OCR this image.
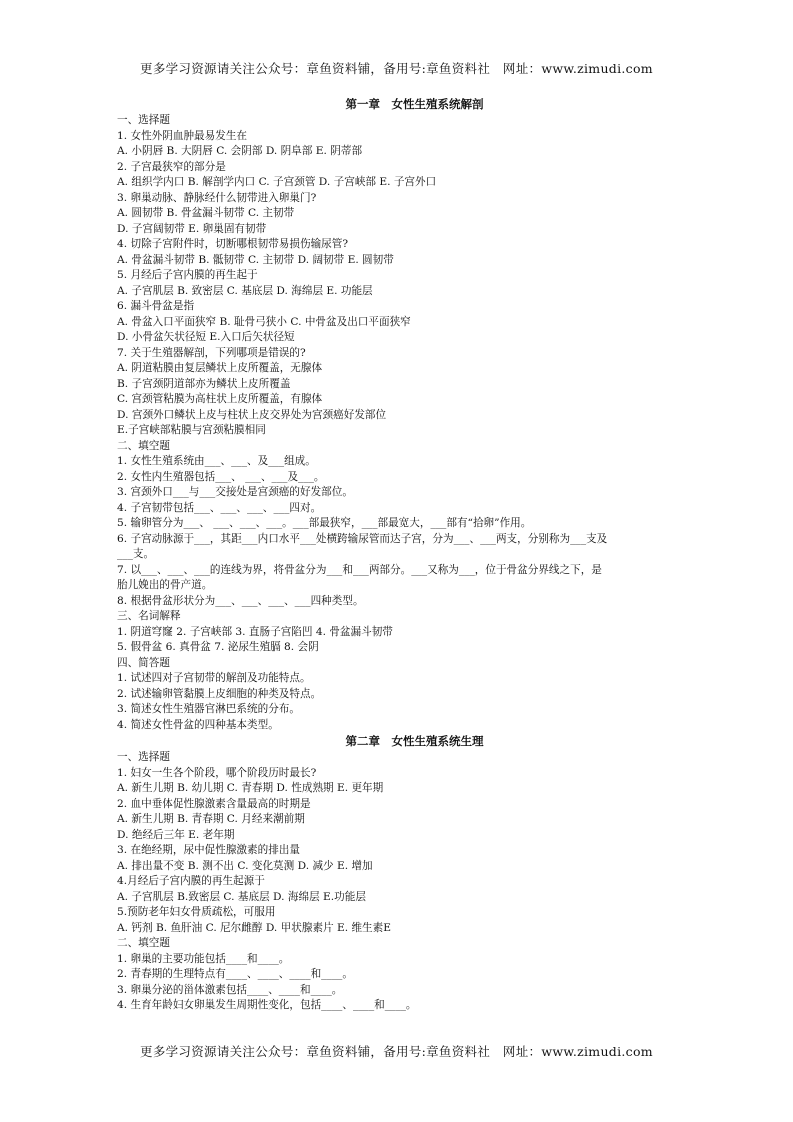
更多学习资源请关注公众号：章鱼资料铺，备用号:章鱼资料社　网址：www.zimudi.com
第一章　女性生殖系统解剖
一、选择题
1. 女性外阴血肿最易发生在
A. 小阴唇 B. 大阴唇 C. 会阴部 D. 阴阜部 E. 阴蒂部
2. 子宫最狭窄的部分是
A. 组织学内口 B. 解剖学内口 C. 子宫颈管 D. 子宫峡部 E. 子宫外口
3. 卵巢动脉、静脉经什么韧带进入卵巢门?
A. 圆韧带 B. 骨盆漏斗韧带 C. 主韧带
D. 子宫阔韧带 E. 卵巢固有韧带
4. 切除子宫附件时，切断哪根韧带易损伤输尿管?
A. 骨盆漏斗韧带 B. 骶韧带 C. 主韧带 D. 阔韧带 E. 圆韧带
5. 月经后子宫内膜的再生起于
A. 子宫肌层 B. 致密层 C. 基底层 D. 海绵层 E. 功能层
6. 漏斗骨盆是指
A. 骨盆入口平面狭窄 B. 耻骨弓狭小 C. 中骨盆及出口平面狭窄
D. 小骨盆矢状径短 E.入口后矢状径短
7. 关于生殖器解剖，下列哪项是错误的?
A. 阴道粘膜由复层鳞状上皮所覆盖，无腺体
B. 子宫颈阴道部亦为鳞状上皮所覆盖
C. 宫颈管粘膜为高柱状上皮所覆盖，有腺体
D. 宫颈外口鳞状上皮与柱状上皮交界处为宫颈癌好发部位
E.子宫峡部粘膜与宫颈粘膜相同
二、填空题
1. 女性生殖系统由___、___、及___组成。
2. 女性内生殖器包括___、 ___、___及___。
3. 宫颈外口___与___交接处是宫颈癌的好发部位。
4. 子宫韧带包括___、___、___、___四对。
5. 输卵管分为___、 ___、___、___。___部最狭窄，___部最宽大，___部有“拾卵”作用。
6. 子宫动脉源于___，其距___内口水平___处横跨输尿管而达子宫，分为___、___两支，分别称为___支及
___支。
7. 以___、___、___的连线为界，将骨盆分为___和___两部分。___又称为___，位于骨盆分界线之下，是
胎儿娩出的骨产道。
8. 根据骨盆形状分为___、___、___、___四种类型。
三、名词解释
1. 阴道穹窿 2. 子宫峡部 3. 直肠子宫陷凹 4. 骨盆漏斗韧带
5. 假骨盆 6. 真骨盆 7. 泌尿生殖膈 8. 会阴
四、简答题
1. 试述四对子宫韧带的解剖及功能特点。
2. 试述输卵管黏膜上皮细胞的种类及特点。
3. 简述女性生殖器官淋巴系统的分布。
4. 简述女性骨盆的四种基本类型。
第二章　女性生殖系统生理
一、选择题
1. 妇女一生各个阶段，哪个阶段历时最长?
A. 新生儿期 B. 幼儿期 C. 青春期 D. 性成熟期 E. 更年期
2. 血中垂体促性腺激素含量最高的时期是
A. 新生儿期 B. 青春期 C. 月经来潮前期
D. 绝经后三年 E. 老年期
3. 在绝经期，尿中促性腺激素的排出量
A. 排出量不变 B. 测不出 C. 变化莫测 D. 减少 E. 增加
4.月经后子宫内膜的再生起源于
A. 子宫肌层 B.致密层 C. 基底层 D. 海绵层 E.功能层
5.预防老年妇女骨质疏松，可服用
A. 钙剂 B. 鱼肝油 C. 尼尔雌醇 D. 甲状腺素片 E. 维生素E
二、填空题
1. 卵巢的主要功能包括____和____。
2. 青春期的生理特点有____、____、____和____。
3. 卵巢分泌的甾体激素包括____、____和____。
4. 生育年龄妇女卵巢发生周期性变化，包括____、____和____。
更多学习资源请关注公众号：章鱼资料铺，备用号:章鱼资料社　网址：www.zimudi.com
